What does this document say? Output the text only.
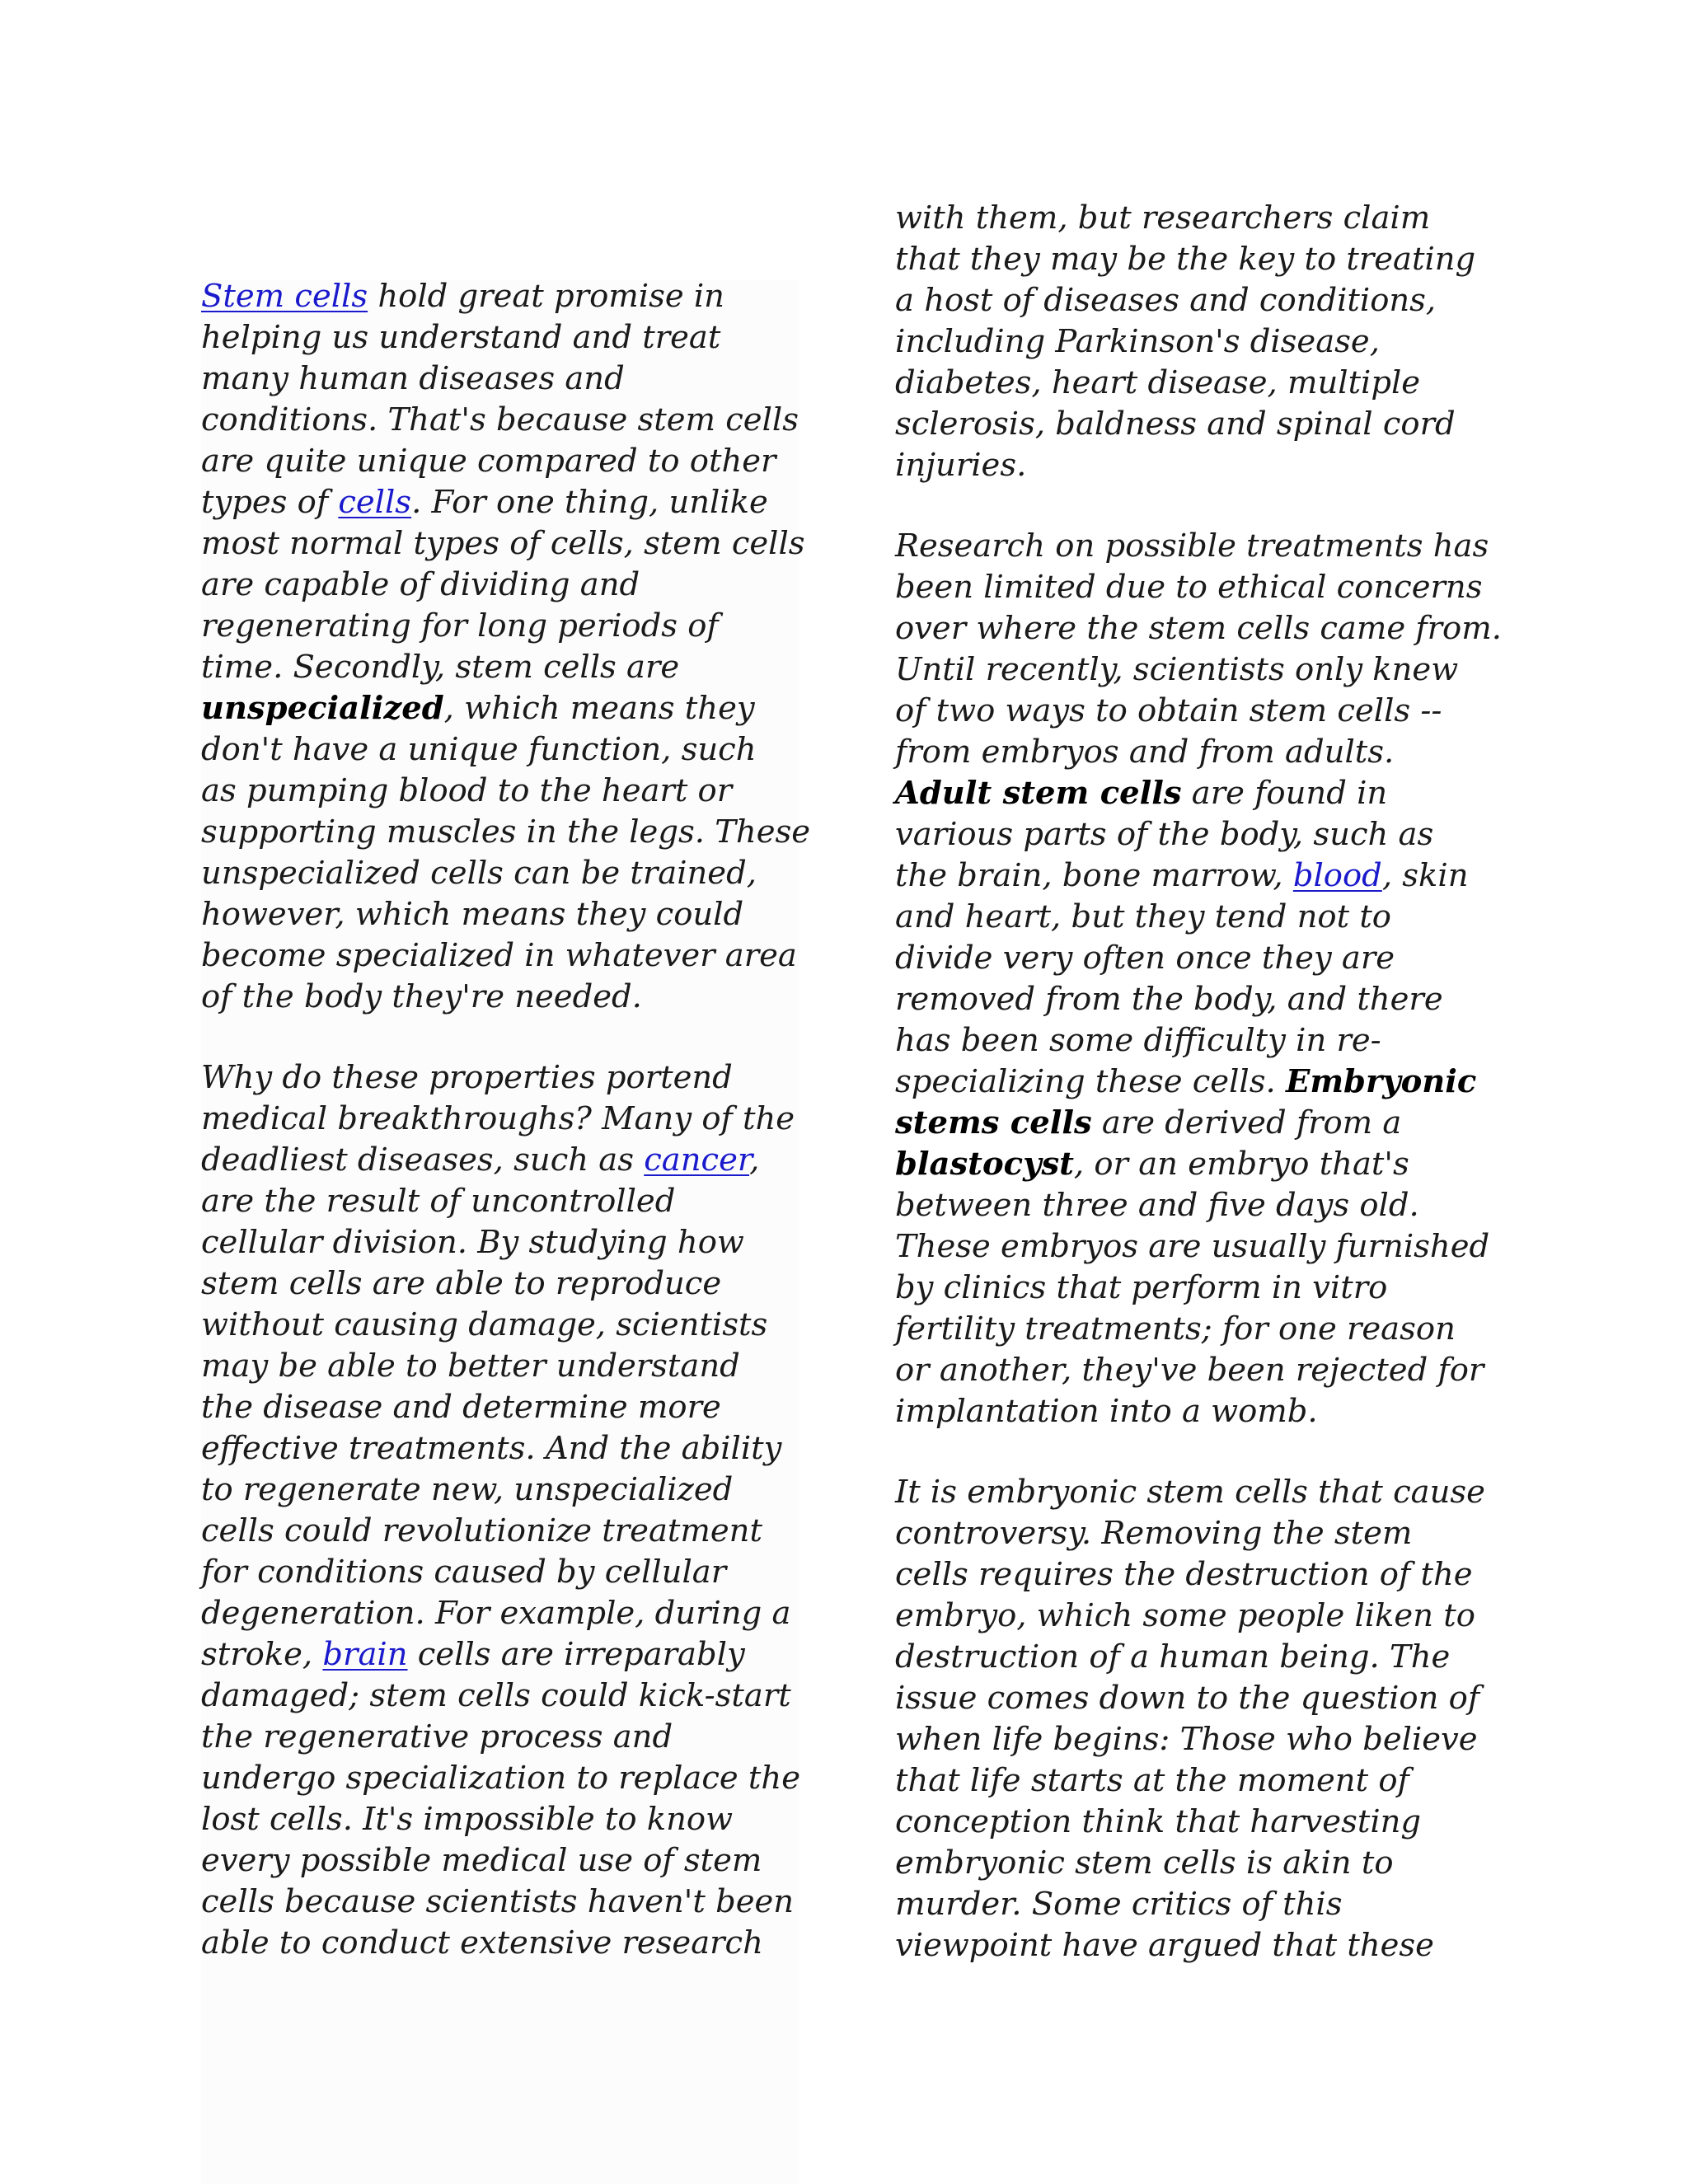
Stem cells hold great promise in
helping us understand and treat
many human diseases and
conditions. That's because stem cells
are quite unique compared to other
types of cells. For one thing, unlike
most normal types of cells, stem cells
are capable of dividing and
regenerating for long periods of
time. Secondly, stem cells are
unspecialized, which means they
don't have a unique function, such
as pumping blood to the heart or
supporting muscles in the legs. These
unspecialized cells can be trained,
however, which means they could
become specialized in whatever area
of the body they're needed.
Why do these properties portend
medical breakthroughs? Many of the
deadliest diseases, such as cancer,
are the result of uncontrolled
cellular division. By studying how
stem cells are able to reproduce
without causing damage, scientists
may be able to better understand
the disease and determine more
effective treatments. And the ability
to regenerate new, unspecialized
cells could revolutionize treatment
for conditions caused by cellular
degeneration. For example, during a
stroke, brain cells are irreparably
damaged; stem cells could kick-start
the regenerative process and
undergo specialization to replace the
lost cells. It's impossible to know
every possible medical use of stem
cells because scientists haven't been
able to conduct extensive research
with them, but researchers claim
that they may be the key to treating
a host of diseases and conditions,
including Parkinson's disease,
diabetes, heart disease, multiple
sclerosis, baldness and spinal cord
injuries.
Research on possible treatments has
been limited due to ethical concerns
over where the stem cells came from.
Until recently, scientists only knew
of two ways to obtain stem cells --
from embryos and from adults.
Adult stem cells are found in
various parts of the body, such as
the brain, bone marrow, blood, skin
and heart, but they tend not to
divide very often once they are
removed from the body, and there
has been some difficulty in re-
specializing these cells. Embryonic
stems cells are derived from a
blastocyst, or an embryo that's
between three and five days old.
These embryos are usually furnished
by clinics that perform in vitro
fertility treatments; for one reason
or another, they've been rejected for
implantation into a womb.
It is embryonic stem cells that cause
controversy. Removing the stem
cells requires the destruction of the
embryo, which some people liken to
destruction of a human being. The
issue comes down to the question of
when life begins: Those who believe
that life starts at the moment of
conception think that harvesting
embryonic stem cells is akin to
murder. Some critics of this
viewpoint have argued that these
